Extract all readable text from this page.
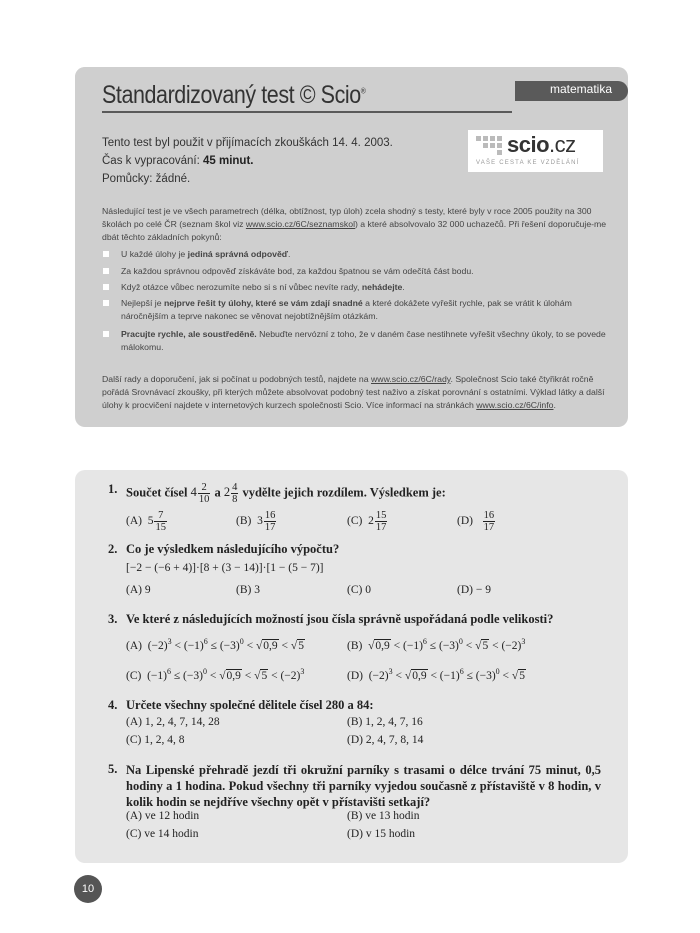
Standardizovaný test © Scio®	matematika
Tento test byl použit v přijímacích zkouškách 14. 4. 2003.
Čas k vypracování: 45 minut.
Pomůcky: žádné.
scio.cz
VAŠE CESTA KE VZDĚLÁNÍ
Následující test je ve všech parametrech (délka, obtížnost, typ úloh) zcela shodný s testy, které byly v roce 2005 použity na 300 školách po celé ČR (seznam škol viz www.scio.cz/6C/seznamskol) a které absolvovalo 32 000 uchazečů. Při řešení doporučuje-me dbát těchto základních pokynů:
U každé úlohy je jediná správná odpověď.
Za každou správnou odpověď získáváte bod, za každou špatnou se vám odečítá část bodu.
Když otázce vůbec nerozumíte nebo si s ní vůbec nevíte rady, nehádejte.
Nejlepší je nejprve řešit ty úlohy, které se vám zdají snadné a které dokážete vyřešit rychle, pak se vrátit k úlohám náročnějším a teprve nakonec se věnovat nejobtížnějším otázkám.
Pracujte rychle, ale soustředěně. Nebuďte nervózní z toho, že v daném čase nestihnete vyřešit všechny úkoly, to se povede málokomu.
Další rady a doporučení, jak si počínat u podobných testů, najdete na www.scio.cz/6C/rady. Společnost Scio také čtyřikrát ročně pořádá Srovnávací zkoušky, při kterých můžete absolvovat podobný test naživo a získat porovnání s ostatními. Výklad látky a další úlohy k procvičení najdete v internetových kurzech společnosti Scio. Více informací na stránkách www.scio.cz/6C/info.
1. Součet čísel $4 \frac{2}{10}$ a $2 \frac{4}{8}$ vydělte jejich rozdílem. Výsledkem je:
(A) $5 \frac{7}{15}$	(B) $3 \frac{16}{17}$	(C) $2 \frac{15}{17}$	$(D) \frac{16}{17}$
2. Co je výsledkem následujícího výpočtu?
[−2 − (−6 + 4)]·[8 + (3 − 14)]·[1 − (5 − 7)]
(A) 9	(B) 3	(C) 0	(D) − 9
3. Ve které z následujících možností jsou čísla správně uspořádaná podle velikosti?
(A)  $(-2)^3 < (-1)^6 \le (-3)^0 < √0,9 < √5$	(B)  $√0,9 < (-1)^6 \le (-3)^0 < √5 < (-2)^3$
(C)  $(-1)^6 \le (-3)^0 < √0,9 < √5 < (-2)^3$	(D)  $(-2)^3 < √0,9 < (-1)^6 \le (-3)^0 < √5$
4. Určete všechny společné dělitele čísel 280 a 84:
(A) 1, 2, 4, 7, 14, 28	(B) 1, 2, 4, 7, 16
(C) 1, 2, 4, 8	(D) 2, 4, 7, 8, 14
5. Na Lipenské přehradě jezdí tři okružní parníky s trasami o délce trvání 75 minut, 0,5 hodiny a 1 hodina. Pokud všechny tři parníky vyjedou současně z přístaviště v 8 hodin, v kolik hodin se nejdříve všechny opět v přístavišti setkají?
(A) ve 12 hodin	(B) ve 13 hodin
(C) ve 14 hodin	(D) v 15 hodin
10
